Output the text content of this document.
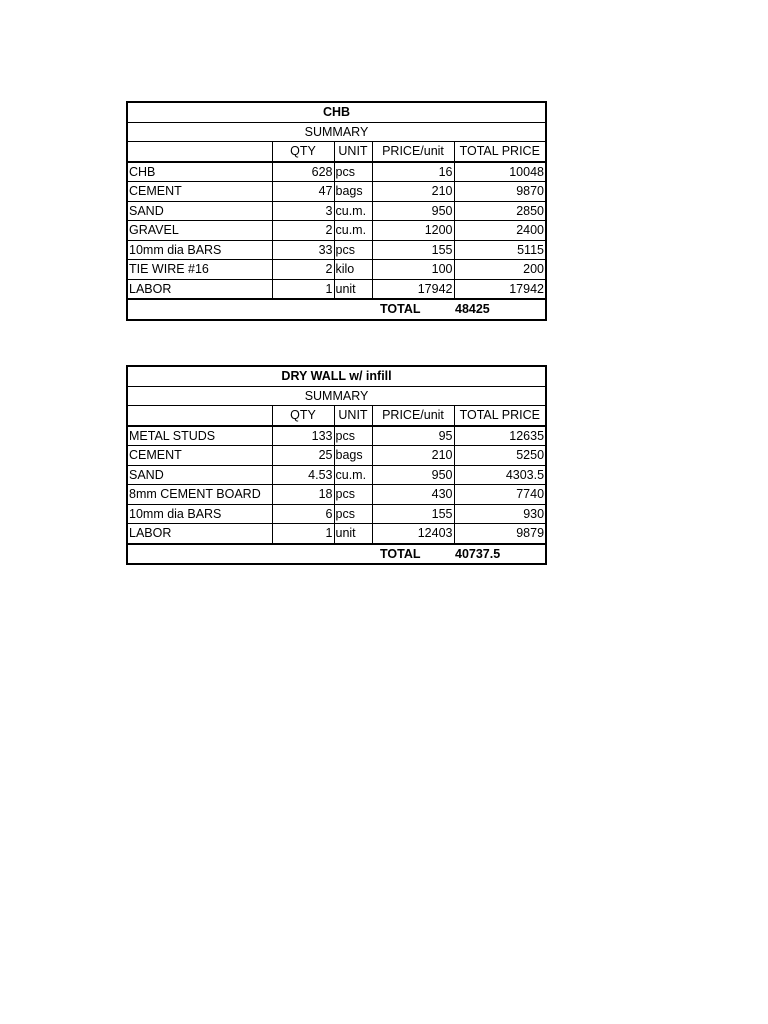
CHB				
SUMMARY				
	QTY	UNIT	PRICE/unit	TOTAL PRICE
CHB	628	pcs	16	10048
CEMENT	47	bags	210	9870
SAND	3	cu.m.	950	2850
GRAVEL	2	cu.m.	1200	2400
10mm dia BARS	33	pcs	155	5115
TIE WIRE #16	2	kilo	100	200
LABOR	1	unit	17942	17942

TOTAL 48425				
DRY WALL w/ infill				
SUMMARY				
	QTY	UNIT	PRICE/unit	TOTAL PRICE
METAL STUDS	133	pcs	95	12635
CEMENT	25	bags	210	5250
SAND	4.53	cu.m.	950	4303.5
8mm CEMENT BOARD	18	pcs	430	7740
10mm dia BARS	6	pcs	155	930
LABOR	1	unit	12403	9879

TOTAL 40737.5				
